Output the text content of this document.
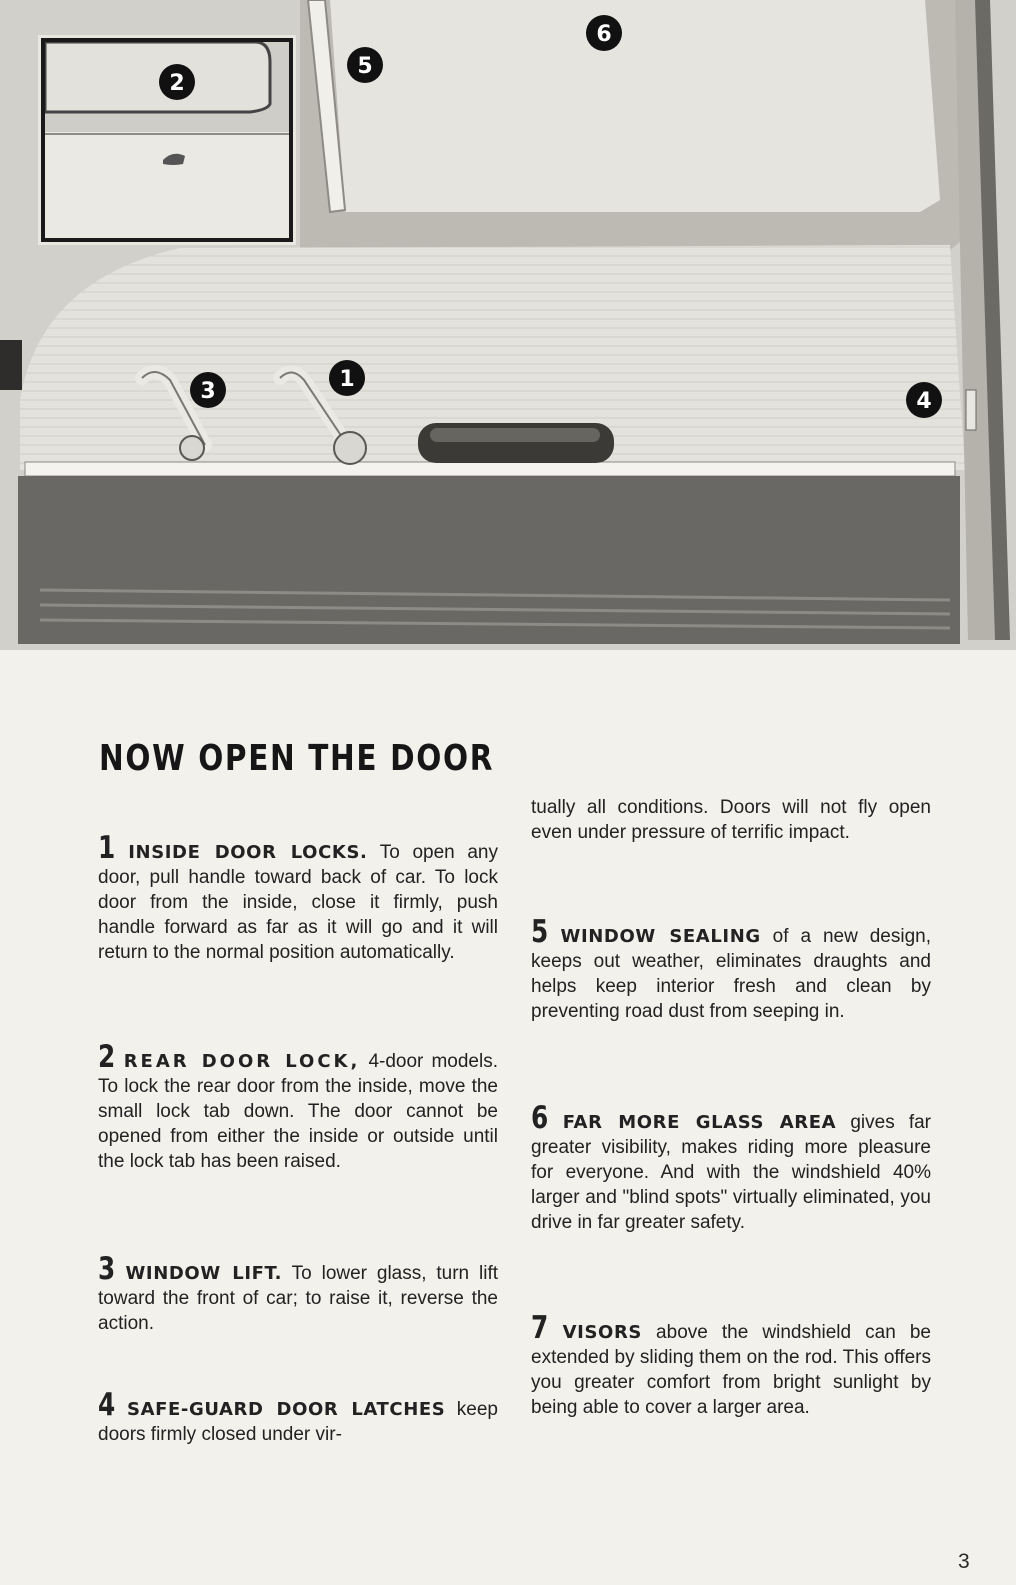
1
3	4
5
6
2
NOW OPEN THE DOOR

1 INSIDE DOOR LOCKS. To open any door, pull handle toward back of car. To lock door from the inside, close it firmly, push handle forward as far as it will go and it will return to the normal position automatically.

2 REAR DOOR LOCK, 4-door models. To lock the rear door from the inside, move the small lock tab down. The door cannot be opened from either the inside or outside until the lock tab has been raised.

3 WINDOW LIFT. To lower glass, turn lift toward the front of car; to raise it, reverse the action.

4 SAFE-GUARD DOOR LATCHES keep doors firmly closed under vir-

tually all conditions. Doors will not fly open even under pressure of terrific impact.

5 WINDOW SEALING of a new design, keeps out weather, eliminates draughts and helps keep interior fresh and clean by preventing road dust from seeping in.

6 FAR MORE GLASS AREA gives far greater visibility, makes riding more pleasure for everyone. And with the windshield 40% larger and "blind spots" virtually eliminated, you drive in far greater safety.

7 VISORS above the windshield can be extended by sliding them on the rod. This offers you greater comfort from bright sunlight by being able to cover a larger area.

3
